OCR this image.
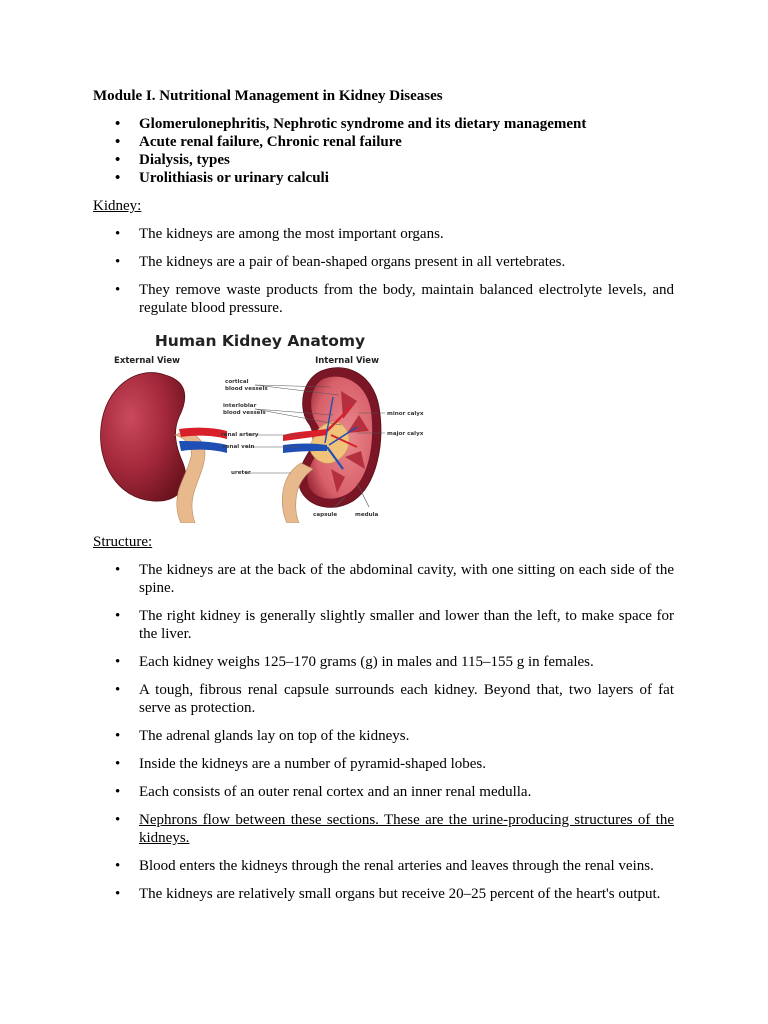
Module I. Nutritional Management in Kidney Diseases
• Glomerulonephritis, Nephrotic syndrome and its dietary management
• Acute renal failure, Chronic renal failure
• Dialysis, types
• Urolithiasis or urinary calculi
Kidney:
• The kidneys are among the most important organs.
• The kidneys are a pair of bean-shaped organs present in all vertebrates.
• They remove waste products from the body, maintain balanced electrolyte levels, and regulate blood pressure.
Human Kidney Anatomy
External View	Internal View
cortical
blood vessels
interloblar
blood vessels
renal artery
renal vein
ureter
capsule	medula
minor calyx
major calyx
Structure:
• The kidneys are at the back of the abdominal cavity, with one sitting on each side of the spine.
• The right kidney is generally slightly smaller and lower than the left, to make space for the liver.
• Each kidney weighs 125–170 grams (g) in males and 115–155 g in females.
• A tough, fibrous renal capsule surrounds each kidney. Beyond that, two layers of fat serve as protection.
• The adrenal glands lay on top of the kidneys.
• Inside the kidneys are a number of pyramid-shaped lobes.
• Each consists of an outer renal cortex and an inner renal medulla.
• Nephrons flow between these sections. These are the urine-producing structures of the kidneys.
• Blood enters the kidneys through the renal arteries and leaves through the renal veins.
• The kidneys are relatively small organs but receive 20–25 percent of the heart's output.
